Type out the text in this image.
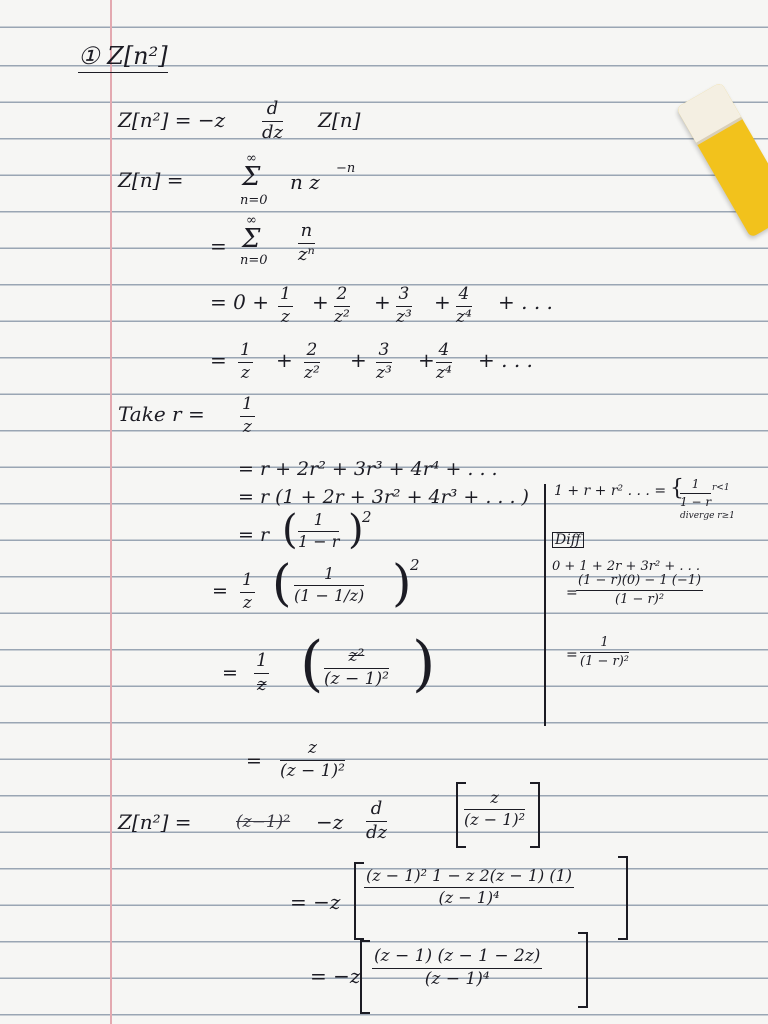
① Z[n²]
$Z[n^2] = -z \frac{d}{dz} Z[n]$
Z[n] =
∞
Σ
n=0
n z
−n
=
∞
Σ
$n=0 \frac{n}{\text{zⁿ}}$
= $0 + \frac{1}{z} + \frac{2}{\text{z²}} + \frac{3}{\text{z³}} + \frac{4}{\text{z⁴}}$ + . . .
= $\frac{1}{z} + \frac{2}{\text{z²}} + \frac{3}{\text{z³}} + \frac{4}{\text{z⁴}}$ + . . .
Take $r = \frac{1}{z}$
= r + 2r² + 3r³ + 4r⁴ + . . .
= r (1 + 2r + 3r² + 4r³ + . . . )
= r ( $\frac{1}{1 - r}$ )
2
= $\frac{1}{z}$ ( $\frac{1}{(1 - 1/z)}$ )
2
= $\frac{1}{z}$ ( $\frac{\text{z²}}{\text{(z − 1)²}}$ )
1 + r + r² . . . = {
$\frac{1}{1 - r} r<1$
diverge r≥1
Diff
0 + 1 + 2r + 3r² + . . .
=
$\frac{(1 - r)(0) - 1 (-1)}{\text{(1 − r)²}}$
= $\frac{1}{\text{(1 − r)²}}$
= $\frac{z}{\text{(z − 1)²}}$
Z[n²] =	$(z-1)^2 -z \frac{d}{dz}$	$\frac{z}{\text{(z − 1)²}}$
= $-z \frac{\text{(z − 1)² 1 − z 2(z − 1) (1)}}{\text{(z − 1)⁴}}$
= $-z \frac{(z - 1) (z - 1 - 2z)}{\text{(z − 1)⁴}}$
